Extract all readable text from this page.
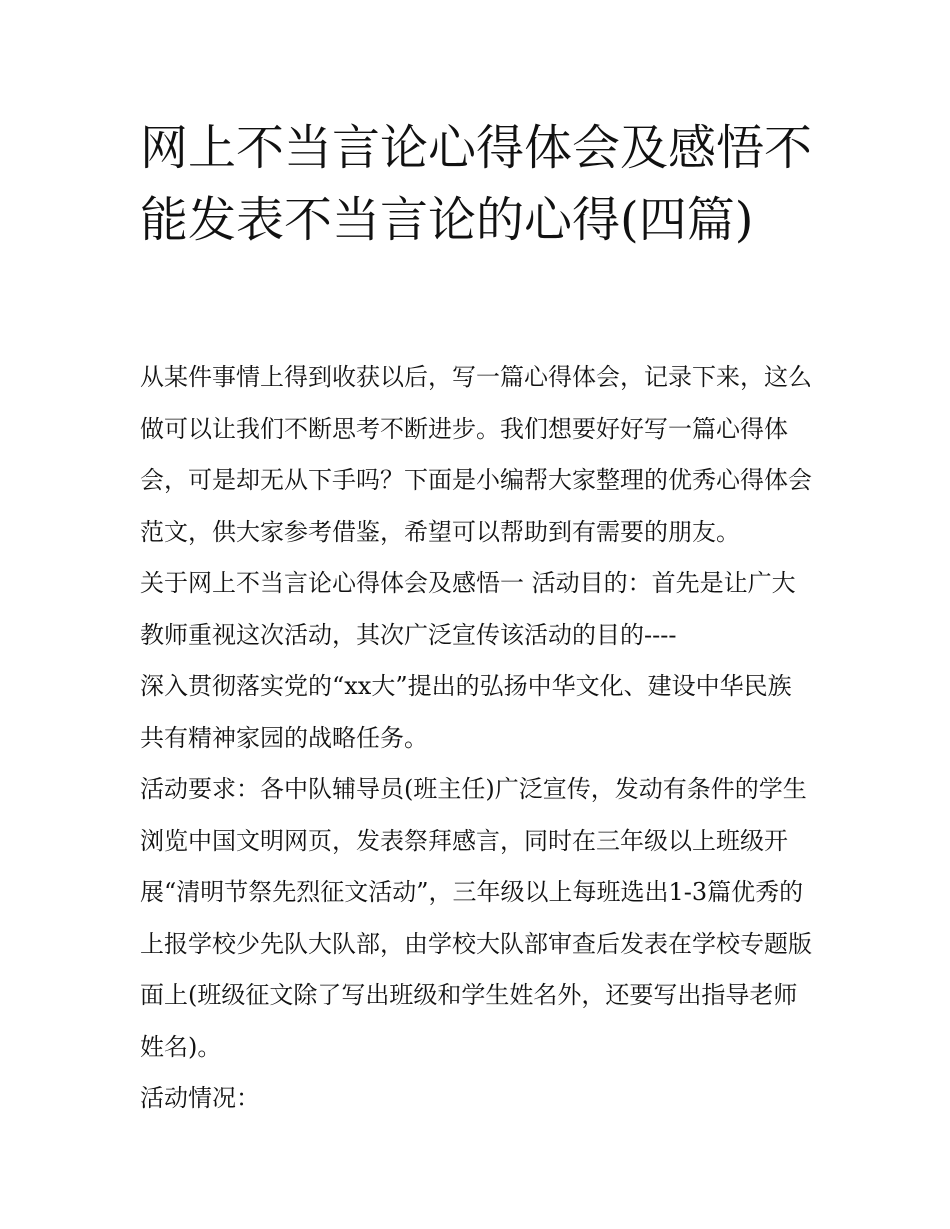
网上不当言论心得体会及感悟不能发表不当言论的心得(四篇)

从某件事情上得到收获以后，写一篇心得体会，记录下来，这么做可以让我们不断思考不断进步。我们想要好好写一篇心得体会，可是却无从下手吗？下面是小编帮大家整理的优秀心得体会范文，供大家参考借鉴，希望可以帮助到有需要的朋友。

关于网上不当言论心得体会及感悟一 活动目的：首先是让广大教师重视这次活动，其次广泛宣传该活动的目的----

深入贯彻落实党的“xx大”提出的弘扬中华文化、建设中华民族共有精神家园的战略任务。

活动要求：各中队辅导员(班主任)广泛宣传，发动有条件的学生浏览中国文明网页，发表祭拜感言，同时在三年级以上班级开展“清明节祭先烈征文活动”，三年级以上每班选出1-3篇优秀的上报学校少先队大队部，由学校大队部审查后发表在学校专题版面上(班级征文除了写出班级和学生姓名外，还要写出指导老师姓名)。

活动情况：
